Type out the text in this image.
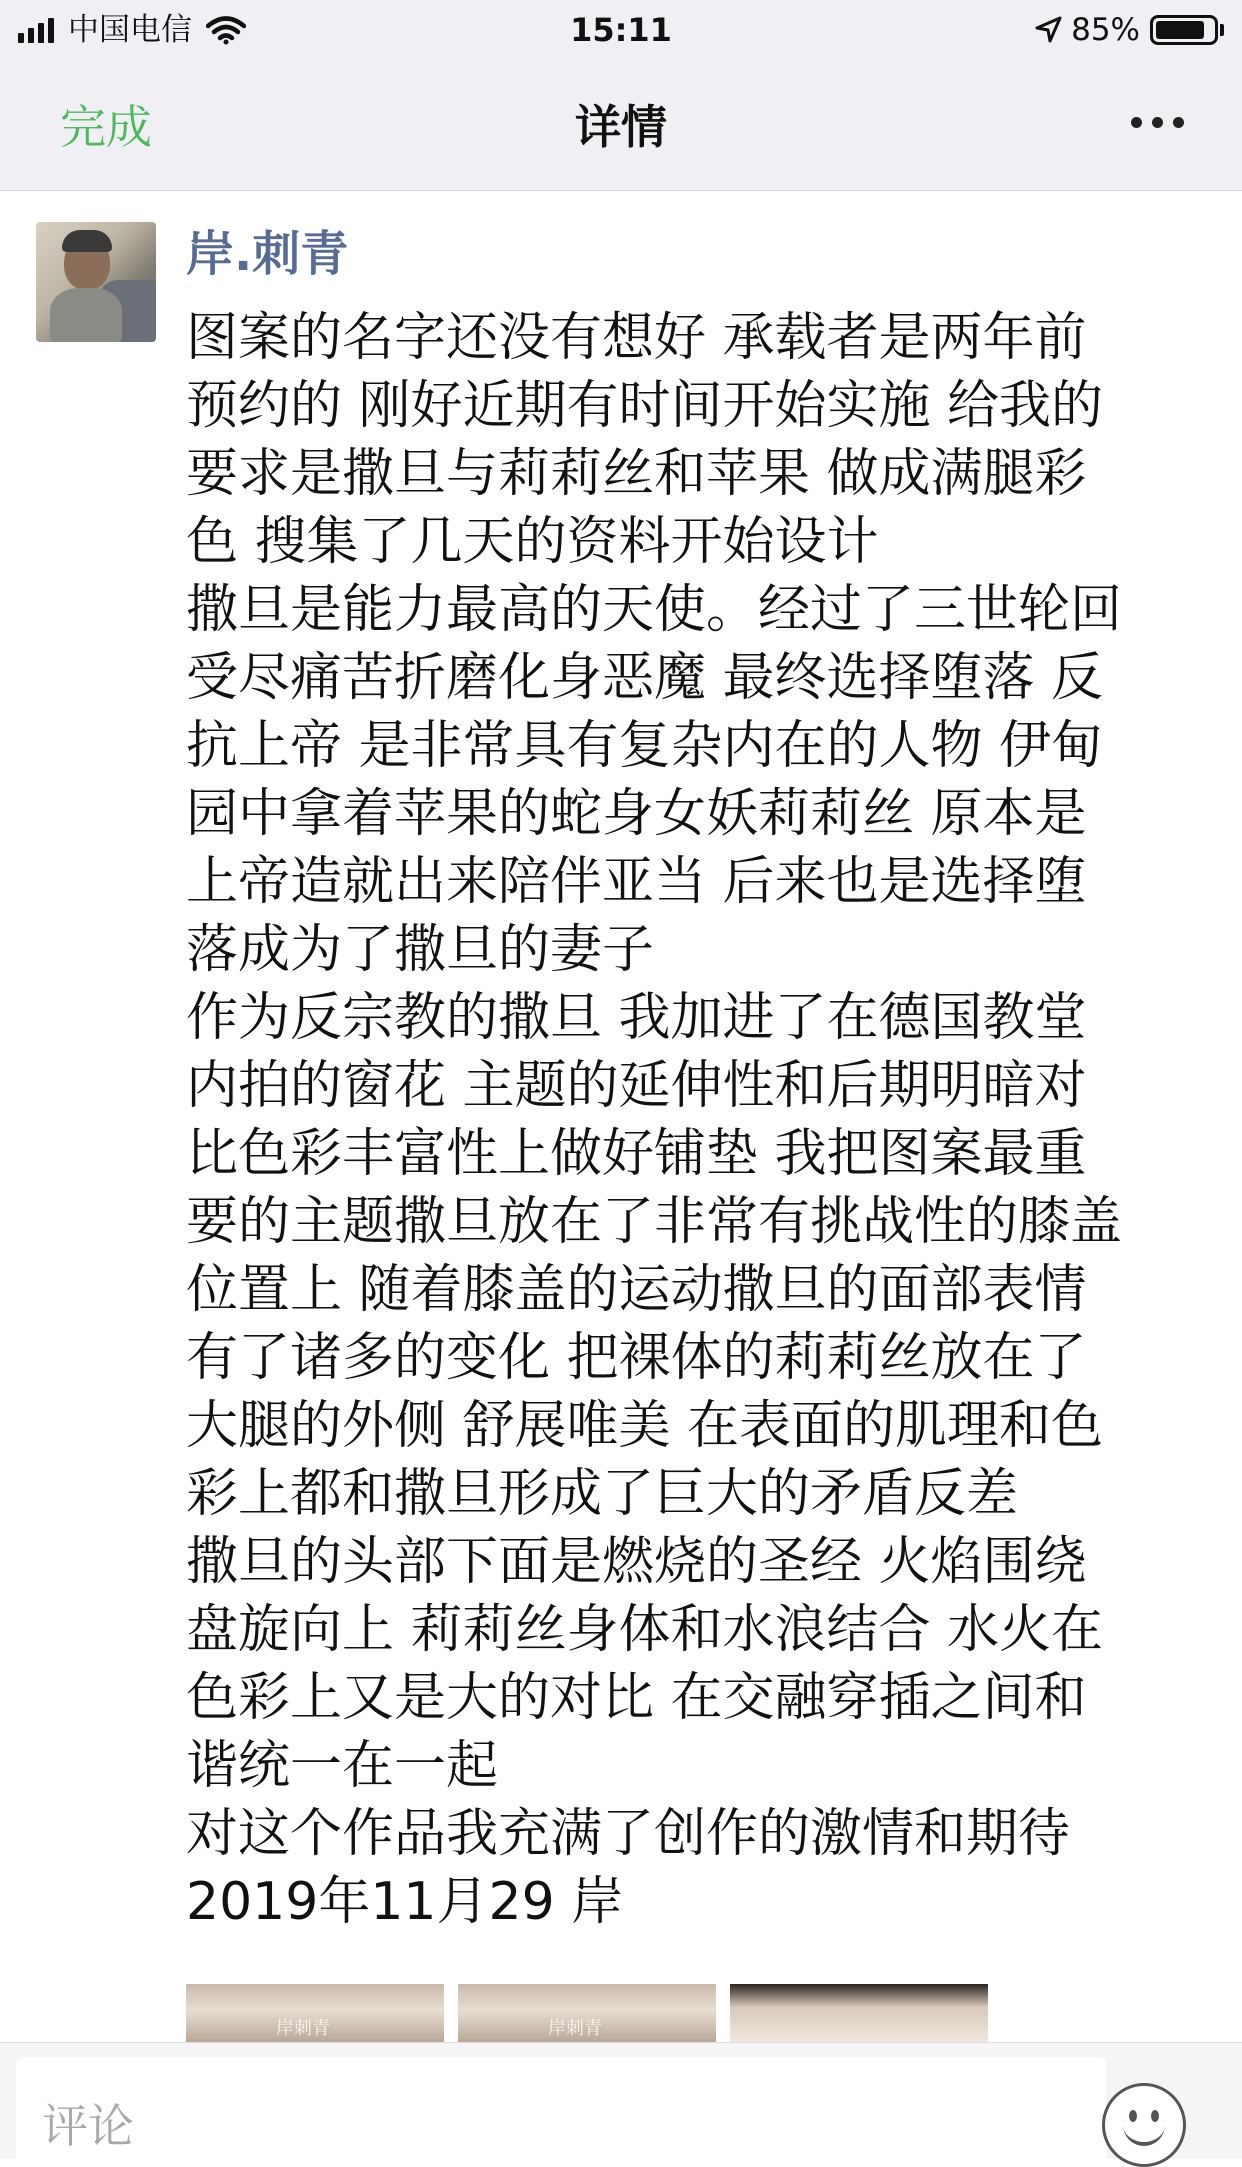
中国电信	15:11	85%
完成	详情
岸.刺青
图案的名字还没有想好 承载者是两年前
预约的 刚好近期有时间开始实施 给我的
要求是撒旦与莉莉丝和苹果 做成满腿彩
色 搜集了几天的资料开始设计
撒旦是能力最高的天使。经过了三世轮回
受尽痛苦折磨化身恶魔 最终选择堕落 反
抗上帝 是非常具有复杂内在的人物 伊甸
园中拿着苹果的蛇身女妖莉莉丝 原本是
上帝造就出来陪伴亚当 后来也是选择堕
落成为了撒旦的妻子
作为反宗教的撒旦 我加进了在德国教堂
内拍的窗花 主题的延伸性和后期明暗对
比色彩丰富性上做好铺垫 我把图案最重
要的主题撒旦放在了非常有挑战性的膝盖
位置上 随着膝盖的运动撒旦的面部表情
有了诸多的变化 把裸体的莉莉丝放在了
大腿的外侧 舒展唯美 在表面的肌理和色
彩上都和撒旦形成了巨大的矛盾反差
撒旦的头部下面是燃烧的圣经 火焰围绕
盘旋向上 莉莉丝身体和水浪结合 水火在
色彩上又是大的对比 在交融穿插之间和
谐统一在一起
对这个作品我充满了创作的激情和期待
2019年11月29 岸
岸刺青	岸刺青
评论
